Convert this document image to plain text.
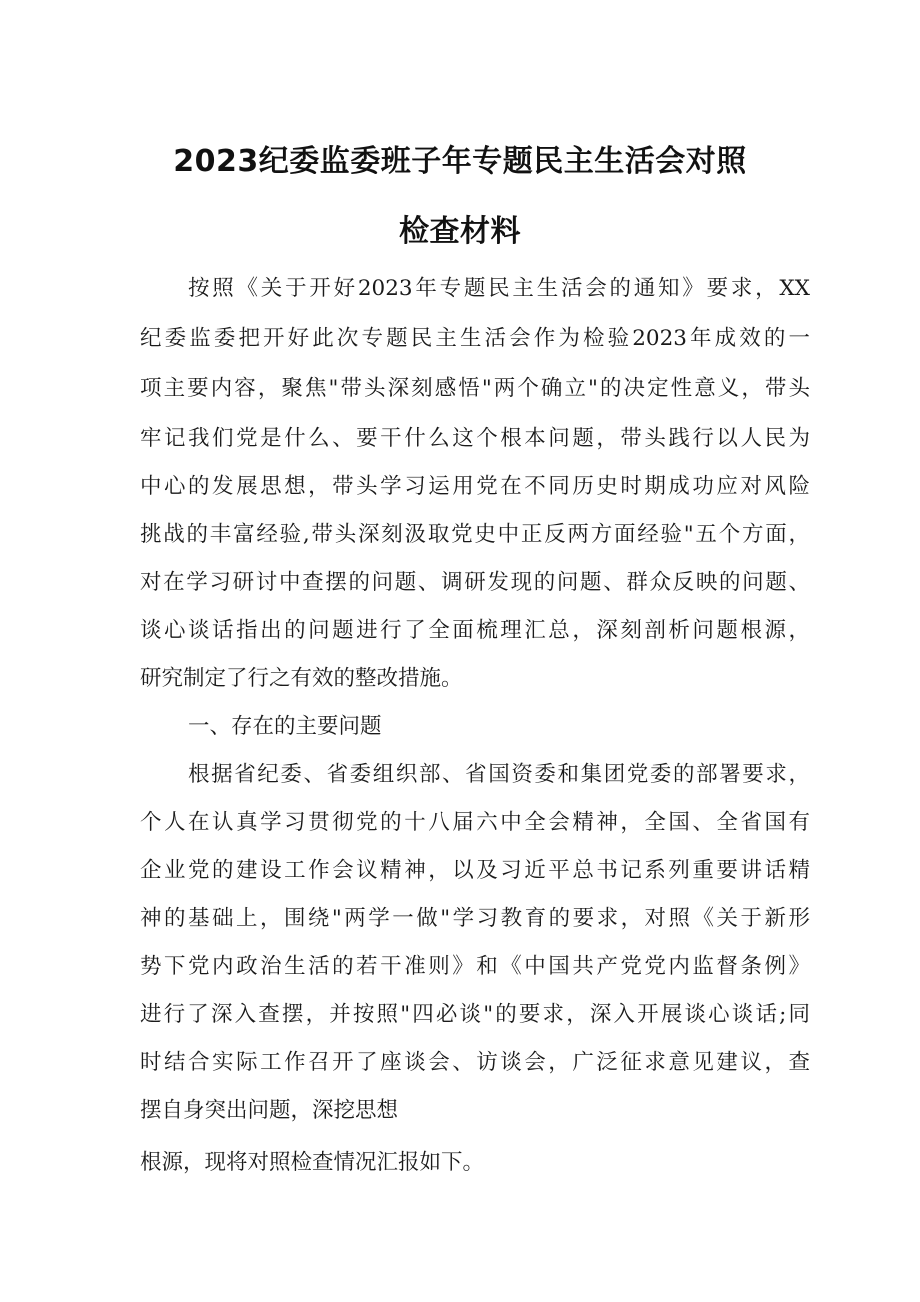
2023纪委监委班子年专题民主生活会对照
检查材料
按照《关于开好2023年专题民主生活会的通知》要求，XX
纪委监委把开好此次专题民主生活会作为检验2023年成效的一
项主要内容，聚焦"带头深刻感悟"两个确立"的决定性意义，带头
牢记我们党是什么、要干什么这个根本问题，带头践行以人民为
中心的发展思想，带头学习运用党在不同历史时期成功应对风险
挑战的丰富经验,带头深刻汲取党史中正反两方面经验"五个方面，
对在学习研讨中查摆的问题、调研发现的问题、群众反映的问题、
谈心谈话指出的问题进行了全面梳理汇总，深刻剖析问题根源，
研究制定了行之有效的整改措施。
一、存在的主要问题
根据省纪委、省委组织部、省国资委和集团党委的部署要求，
个人在认真学习贯彻党的十八届六中全会精神，全国、全省国有
企业党的建设工作会议精神，以及习近平总书记系列重要讲话精
神的基础上，围绕"两学一做"学习教育的要求，对照《关于新形
势下党内政治生活的若干准则》和《中国共产党党内监督条例》
进行了深入查摆，并按照"四必谈"的要求，深入开展谈心谈话;同
时结合实际工作召开了座谈会、访谈会，广泛征求意见建议，查
摆自身突出问题，深挖思想
根源，现将对照检查情况汇报如下。
